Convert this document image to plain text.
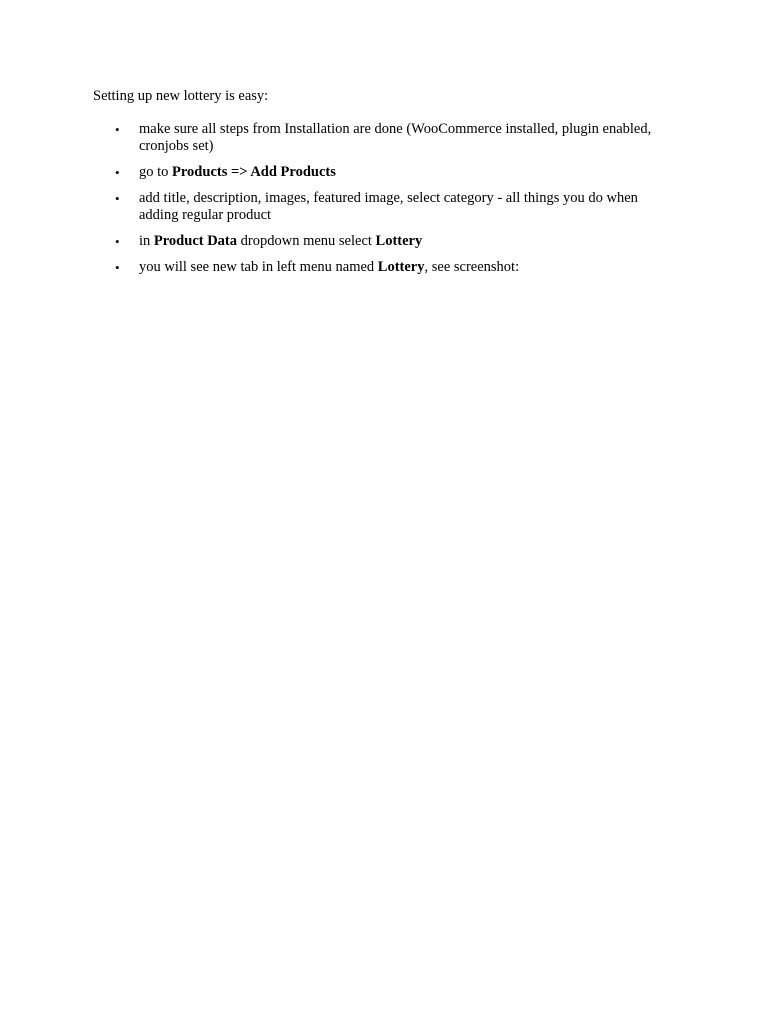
Setting up new lottery is easy:

• make sure all steps from Installation are done (WooCommerce installed, plugin enabled, cronjobs set)
• go to Products => Add Products
• add title, description, images, featured image, select category - all things you do when adding regular product
• in Product Data dropdown menu select Lottery
• you will see new tab in left menu named Lottery, see screenshot:
